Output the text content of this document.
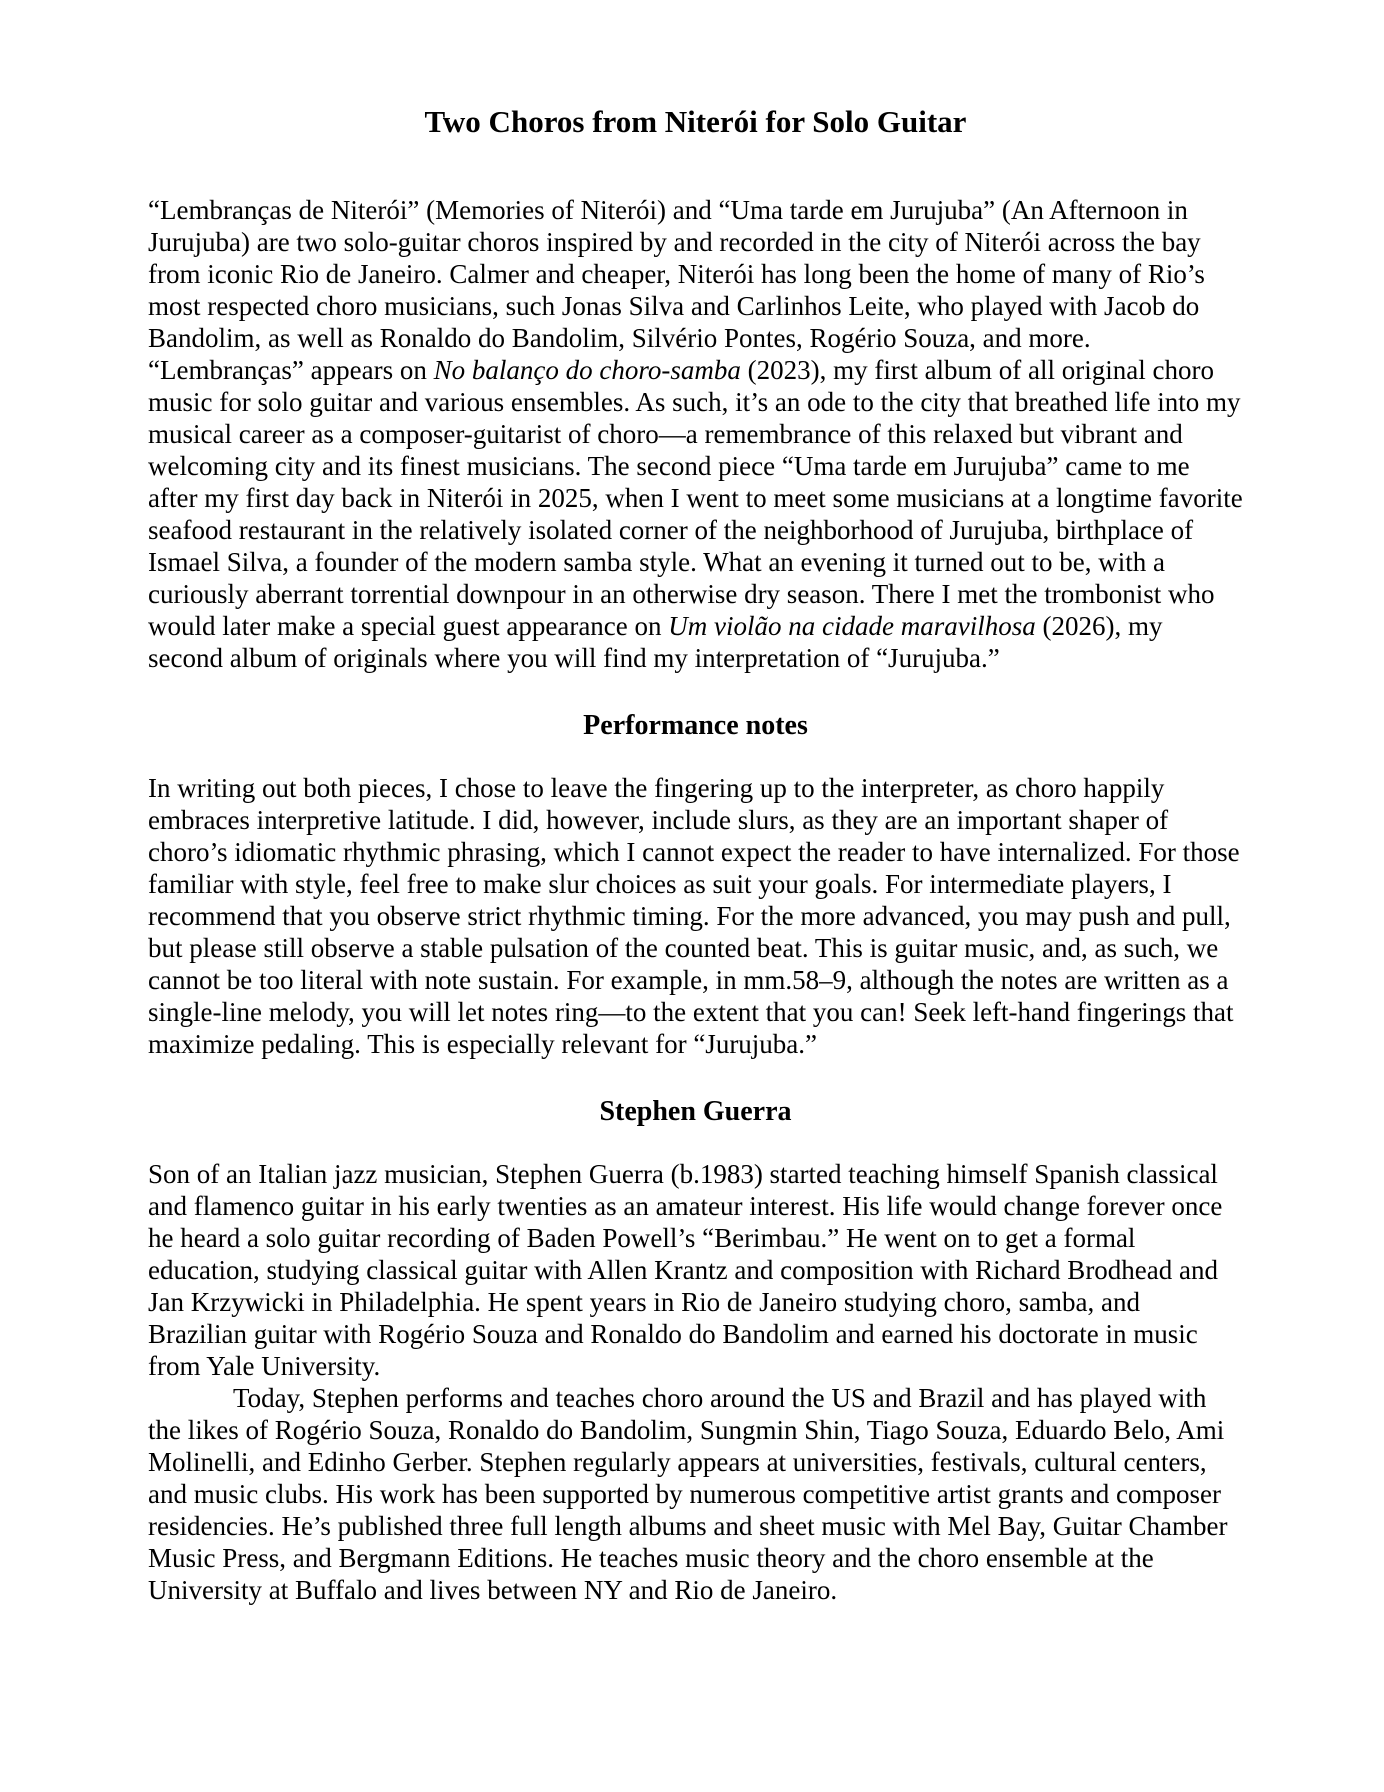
Two Choros from Niterói for Solo Guitar

“Lembranças de Niterói” (Memories of Niterói) and “Uma tarde em Jurujuba” (An Afternoon in Jurujuba) are two solo-guitar choros inspired by and recorded in the city of Niterói across the bay from iconic Rio de Janeiro. Calmer and cheaper, Niterói has long been the home of many of Rio’s most respected choro musicians, such Jonas Silva and Carlinhos Leite, who played with Jacob do Bandolim, as well as Ronaldo do Bandolim, Silvério Pontes, Rogério Souza, and more. “Lembranças” appears on No balanço do choro-samba (2023), my first album of all original choro music for solo guitar and various ensembles. As such, it’s an ode to the city that breathed life into my musical career as a composer-guitarist of choro—a remembrance of this relaxed but vibrant and welcoming city and its finest musicians. The second piece “Uma tarde em Jurujuba” came to me after my first day back in Niterói in 2025, when I went to meet some musicians at a longtime favorite seafood restaurant in the relatively isolated corner of the neighborhood of Jurujuba, birthplace of Ismael Silva, a founder of the modern samba style. What an evening it turned out to be, with a curiously aberrant torrential downpour in an otherwise dry season. There I met the trombonist who would later make a special guest appearance on Um violão na cidade maravilhosa (2026), my second album of originals where you will find my interpretation of “Jurujuba.”

Performance notes

In writing out both pieces, I chose to leave the fingering up to the interpreter, as choro happily embraces interpretive latitude. I did, however, include slurs, as they are an important shaper of choro’s idiomatic rhythmic phrasing, which I cannot expect the reader to have internalized. For those familiar with style, feel free to make slur choices as suit your goals. For intermediate players, I recommend that you observe strict rhythmic timing. For the more advanced, you may push and pull, but please still observe a stable pulsation of the counted beat. This is guitar music, and, as such, we cannot be too literal with note sustain. For example, in mm.58–9, although the notes are written as a single-line melody, you will let notes ring—to the extent that you can! Seek left-hand fingerings that maximize pedaling. This is especially relevant for “Jurujuba.”

Stephen Guerra

Son of an Italian jazz musician, Stephen Guerra (b.1983) started teaching himself Spanish classical and flamenco guitar in his early twenties as an amateur interest. His life would change forever once he heard a solo guitar recording of Baden Powell’s “Berimbau.” He went on to get a formal education, studying classical guitar with Allen Krantz and composition with Richard Brodhead and Jan Krzywicki in Philadelphia. He spent years in Rio de Janeiro studying choro, samba, and Brazilian guitar with Rogério Souza and Ronaldo do Bandolim and earned his doctorate in music from Yale University.

Today, Stephen performs and teaches choro around the US and Brazil and has played with the likes of Rogério Souza, Ronaldo do Bandolim, Sungmin Shin, Tiago Souza, Eduardo Belo, Ami Molinelli, and Edinho Gerber. Stephen regularly appears at universities, festivals, cultural centers, and music clubs. His work has been supported by numerous competitive artist grants and composer residencies. He’s published three full length albums and sheet music with Mel Bay, Guitar Chamber Music Press, and Bergmann Editions. He teaches music theory and the choro ensemble at the University at Buffalo and lives between NY and Rio de Janeiro.
